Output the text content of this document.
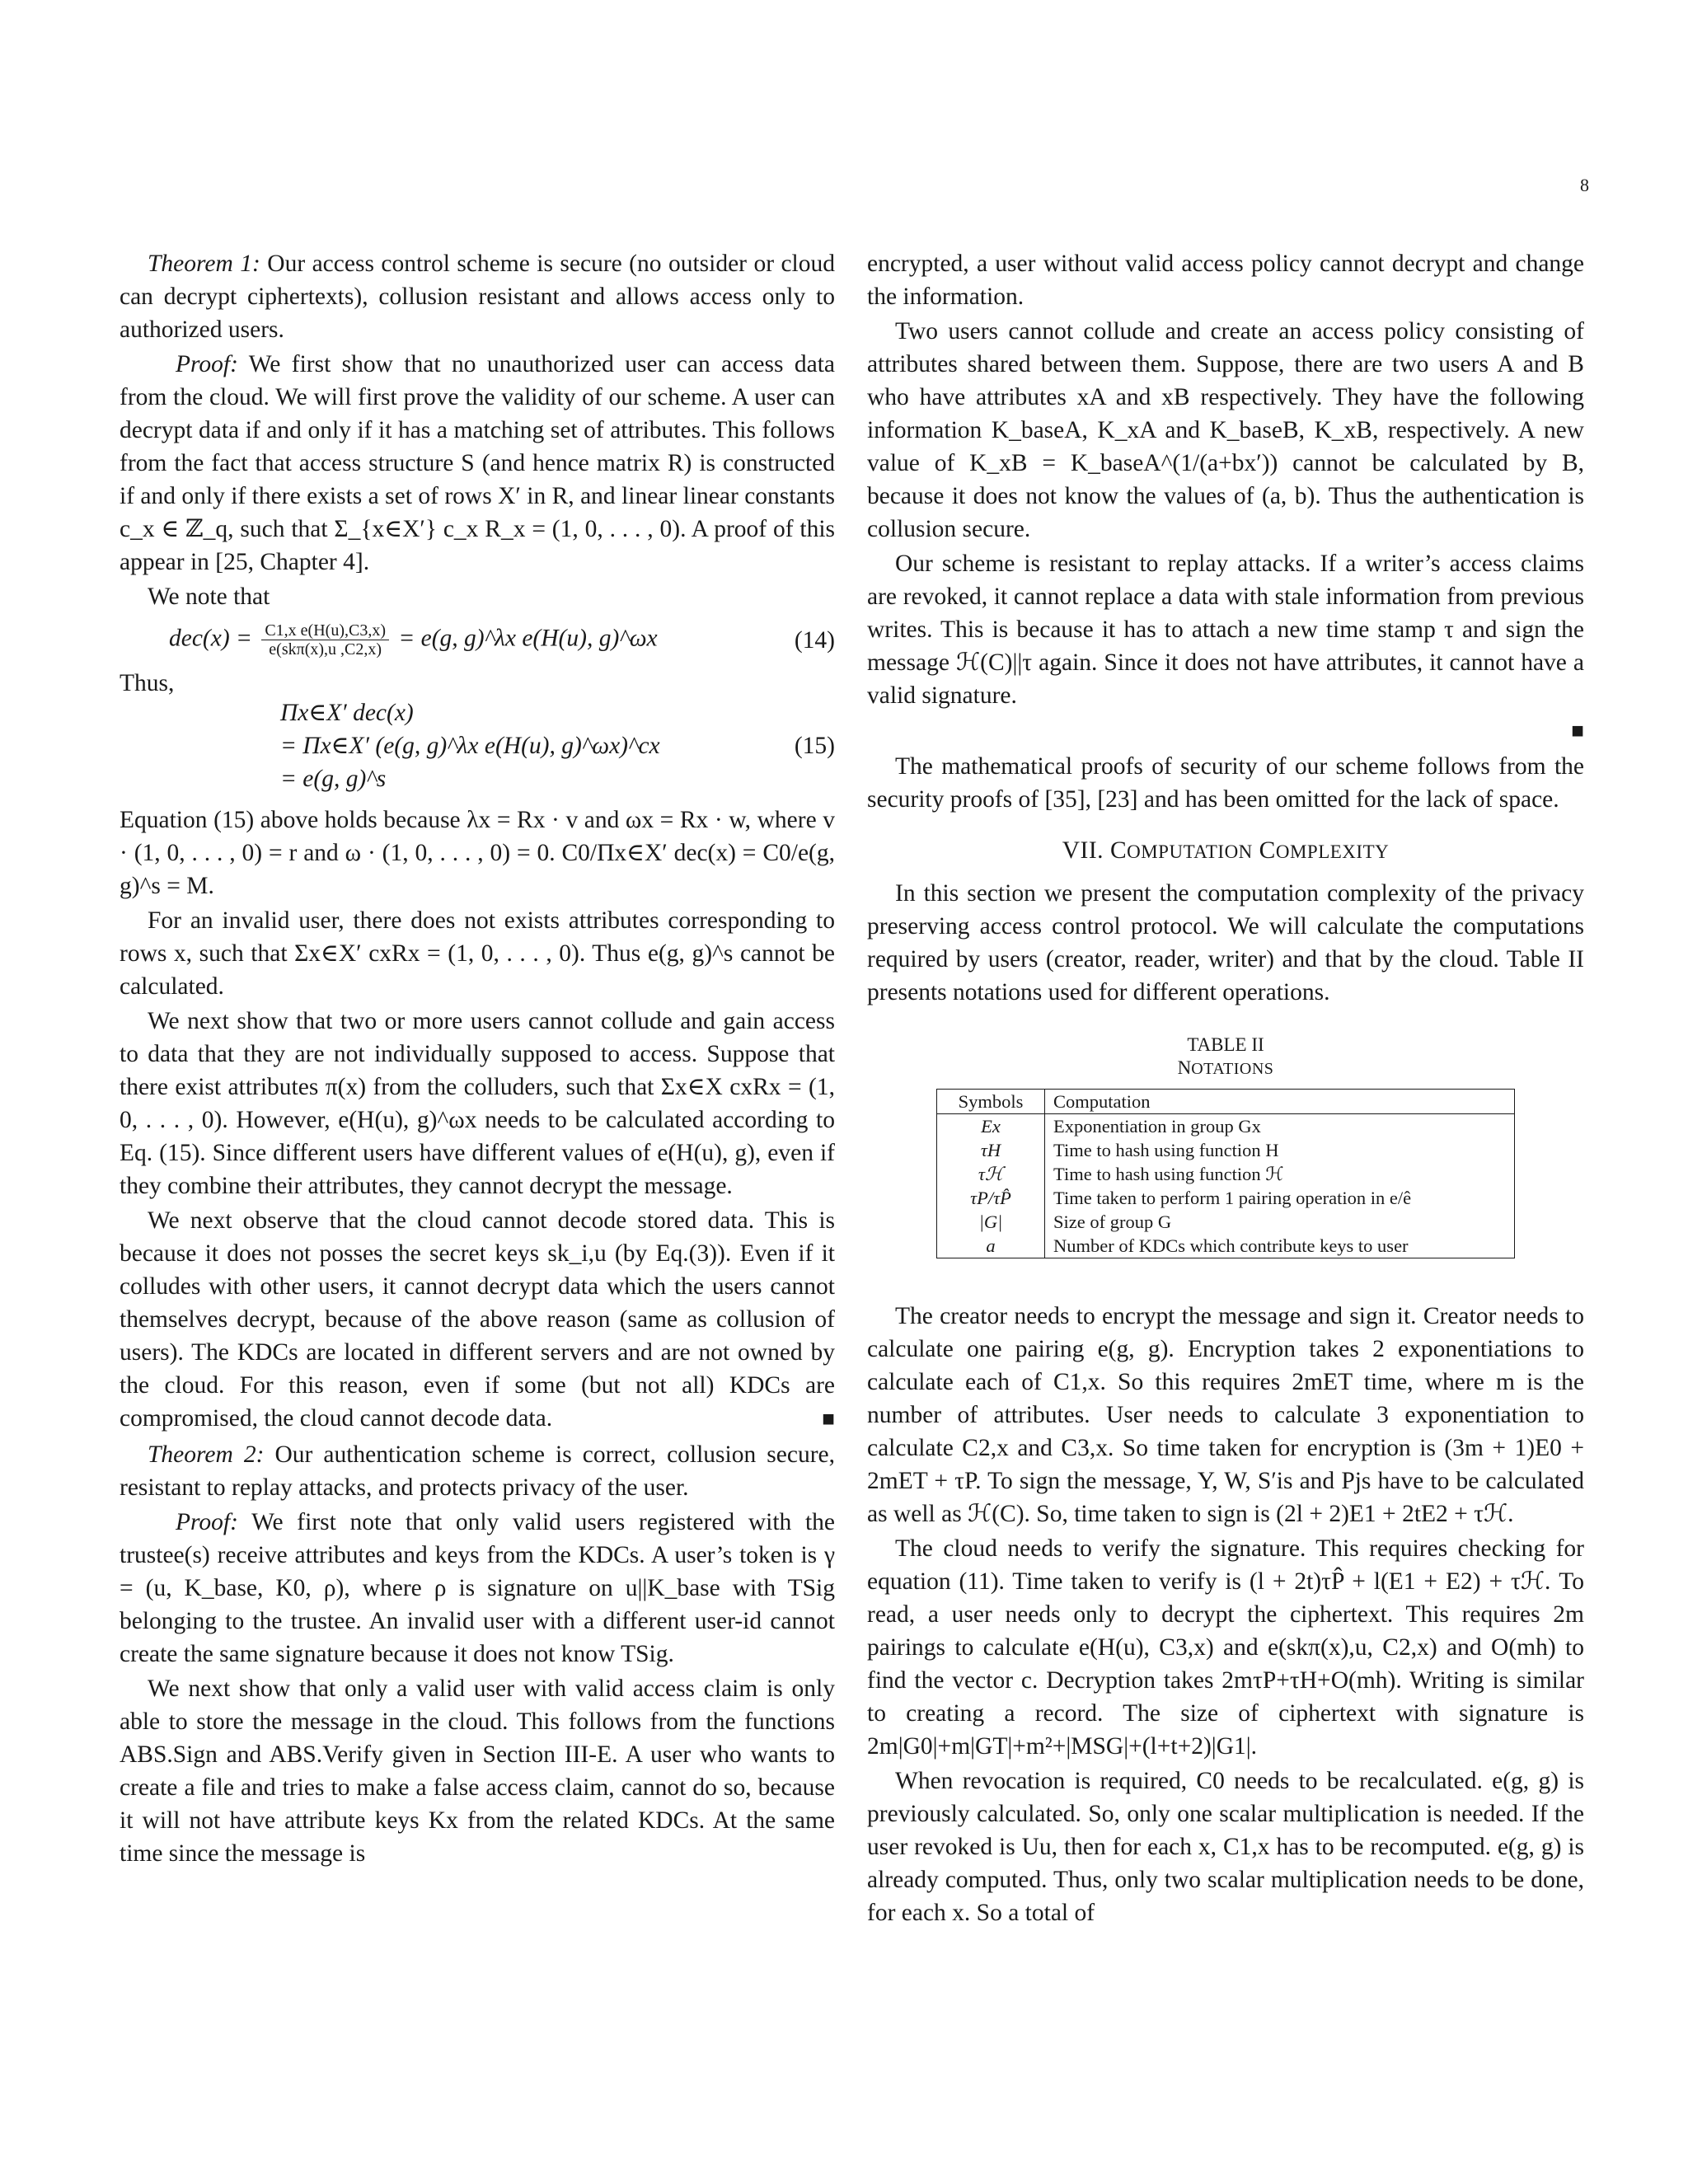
8

Theorem 1: Our access control scheme is secure (no outsider or cloud can decrypt ciphertexts), collusion resistant and allows access only to authorized users.

Proof: We first show that no unauthorized user can access data from the cloud. We will first prove the validity of our scheme. A user can decrypt data if and only if it has a matching set of attributes. This follows from the fact that access structure S (and hence matrix R) is constructed if and only if there exists a set of rows X′ in R, and linear linear constants c_x ∈ ℤ_q, such that Σ_{x∈X′} c_x R_x = (1, 0, . . . , 0). A proof of this appear in [25, Chapter 4].

We note that

$dec(x) = \frac{\text{C1,x e(H(u),C3,x)}}{\text{e(skπ(x),u ,C2,x)}} = e(g$, g)^λx e(H(u), g)^ωx	(14)

Thus,

Πx∈X′ dec(x)
= Πx∈X′ (e(g, g)^λx e(H(u), g)^ωx)^cx
= e(g, g)^s
(15)

Equation (15) above holds because λx = Rx · v and ωx = Rx · w, where v · (1, 0, . . . , 0) = r and ω · (1, 0, . . . , 0) = 0. C0/Πx∈X′ dec(x) = C0/e(g, g)^s = M.

For an invalid user, there does not exists attributes corresponding to rows x, such that Σx∈X′ cxRx = (1, 0, . . . , 0). Thus e(g, g)^s cannot be calculated.

We next show that two or more users cannot collude and gain access to data that they are not individually supposed to access. Suppose that there exist attributes π(x) from the colluders, such that Σx∈X cxRx = (1, 0, . . . , 0). However, e(H(u), g)^ωx needs to be calculated according to Eq. (15). Since different users have different values of e(H(u), g), even if they combine their attributes, they cannot decrypt the message.

We next observe that the cloud cannot decode stored data. This is because it does not posses the secret keys sk_i,u (by Eq.(3)). Even if it colludes with other users, it cannot decrypt data which the users cannot themselves decrypt, because of the above reason (same as collusion of users). The KDCs are located in different servers and are not owned by the cloud. For this reason, even if some (but not all) KDCs are compromised, the cloud cannot decode data.	■

Theorem 2: Our authentication scheme is correct, collusion secure, resistant to replay attacks, and protects privacy of the user.

Proof: We first note that only valid users registered with the trustee(s) receive attributes and keys from the KDCs. A user’s token is γ = (u, K_base, K0, ρ), where ρ is signature on u||K_base with TSig belonging to the trustee. An invalid user with a different user-id cannot create the same signature because it does not know TSig.

We next show that only a valid user with valid access claim is only able to store the message in the cloud. This follows from the functions ABS.Sign and ABS.Verify given in Section III-E. A user who wants to create a file and tries to make a false access claim, cannot do so, because it will not have attribute keys Kx from the related KDCs. At the same time since the message is

encrypted, a user without valid access policy cannot decrypt and change the information.

Two users cannot collude and create an access policy consisting of attributes shared between them. Suppose, there are two users A and B who have attributes xA and xB respectively. They have the following information K_baseA, K_xA and K_baseB, K_xB, respectively. A new value of K_xB = K_baseA^(1/(a+bx′)) cannot be calculated by B, because it does not know the values of (a, b). Thus the authentication is collusion secure.

Our scheme is resistant to replay attacks. If a writer’s access claims are revoked, it cannot replace a data with stale information from previous writes. This is because it has to attach a new time stamp τ and sign the message ℋ(C)||τ again. Since it does not have attributes, it cannot have a valid signature.

■

The mathematical proofs of security of our scheme follows from the security proofs of [35], [23] and has been omitted for the lack of space.

VII. COMPUTATION COMPLEXITY

In this section we present the computation complexity of the privacy preserving access control protocol. We will calculate the computations required by users (creator, reader, writer) and that by the cloud. Table II presents notations used for different operations.

TABLE II
NOTATIONS
Symbols	Computation
Ex	Exponentiation in group Gx
τH	Time to hash using function H
τℋ	Time to hash using function ℋ
τP/τP̂	Time taken to perform 1 pairing operation in e/ê
|G|	Size of group G
a	Number of KDCs which contribute keys to user

The creator needs to encrypt the message and sign it. Creator needs to calculate one pairing e(g, g). Encryption takes 2 exponentiations to calculate each of C1,x. So this requires 2mET time, where m is the number of attributes. User needs to calculate 3 exponentiation to calculate C2,x and C3,x. So time taken for encryption is (3m + 1)E0 + 2mET + τP. To sign the message, Y, W, S′is and Pjs have to be calculated as well as ℋ(C). So, time taken to sign is (2l + 2)E1 + 2tE2 + τℋ.

The cloud needs to verify the signature. This requires checking for equation (11). Time taken to verify is (l + 2t)τP̂ + l(E1 + E2) + τℋ. To read, a user needs only to decrypt the ciphertext. This requires 2m pairings to calculate e(H(u), C3,x) and e(skπ(x),u, C2,x) and O(mh) to find the vector c. Decryption takes 2mτP+τH+O(mh). Writing is similar to creating a record. The size of ciphertext with signature is 2m|G0|+m|GT|+m²+|MSG|+(l+t+2)|G1|.

When revocation is required, C0 needs to be recalculated. e(g, g) is previously calculated. So, only one scalar multiplication is needed. If the user revoked is Uu, then for each x, C1,x has to be recomputed. e(g, g) is already computed. Thus, only two scalar multiplication needs to be done, for each x. So a total of
